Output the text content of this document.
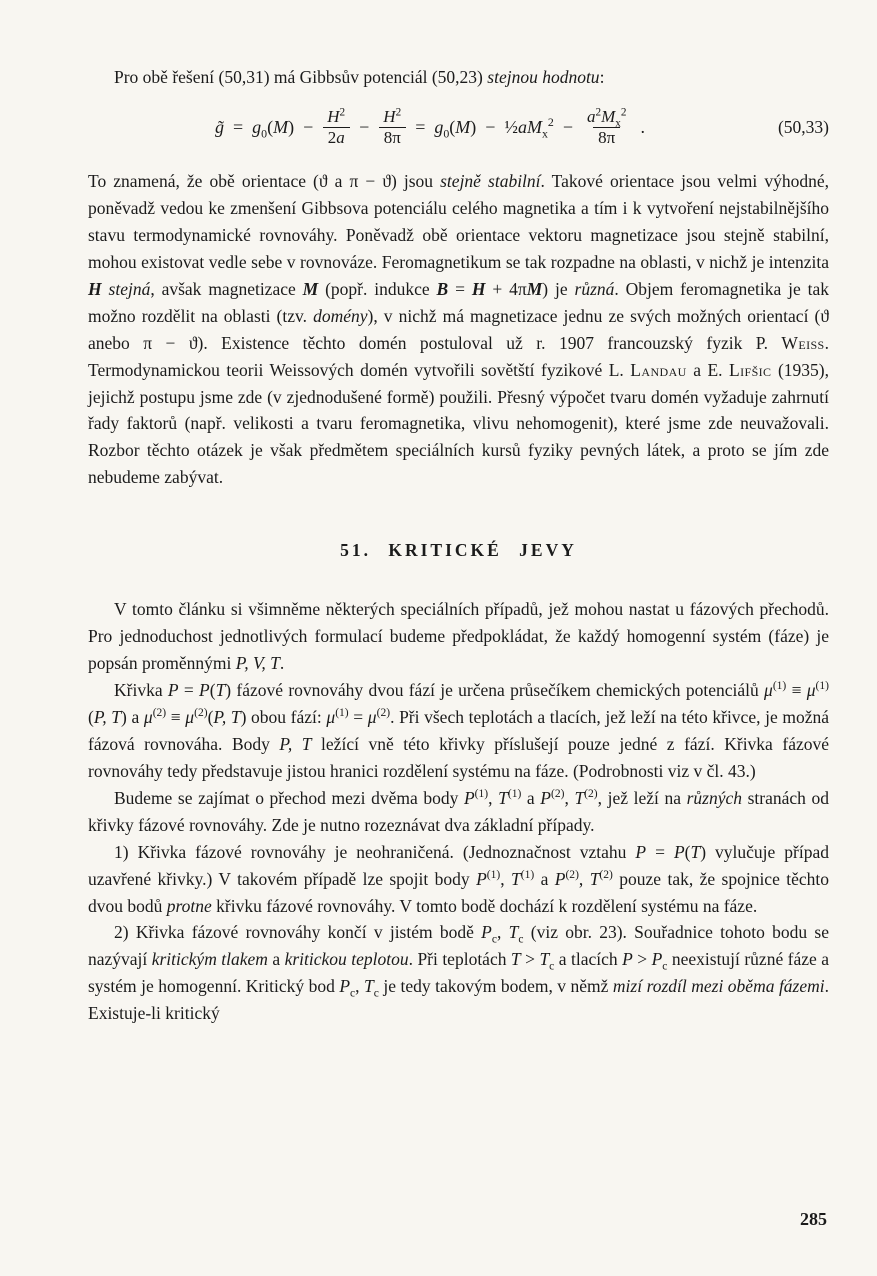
Pro obě řešení (50,31) má Gibbsův potenciál (50,23) stejnou hodnotu:

g̃ = $g_0(M) - \frac{H^2}{2a} - \frac{H^2}{8\pi} = g_0(M)$ − $\frac{1}{2}aM_x^2 - \frac{a^2M_x^2}{8\pi}$ .	(50,33)

To znamená, že obě orientace (ϑ a π − ϑ) jsou stejně stabilní. Takové orientace jsou velmi výhodné, poněvadž vedou ke zmenšení Gibbsova potenciálu celého magnetika a tím i k vytvoření nejstabilnějšího stavu termodynamické rovnováhy. Poněvadž obě orientace vektoru magnetizace jsou stejně stabilní, mohou existovat vedle sebe v rovnováze. Feromagnetikum se tak rozpadne na oblasti, v nichž je intenzita H stejná, avšak magnetizace M (popř. indukce B = H + 4πM) je různá. Objem feromagnetika je tak možno rozdělit na oblasti (tzv. domény), v nichž má magnetizace jednu ze svých možných orientací (ϑ anebo π − ϑ). Existence těchto domén postuloval už r. 1907 francouzský fyzik P. Weiss. Termodynamickou teorii Weissových domén vytvořili sovětští fyzikové L. Landau a E. Lifšic (1935), jejichž postupu jsme zde (v zjednodušené formě) použili. Přesný výpočet tvaru domén vyžaduje zahrnutí řady faktorů (např. velikosti a tvaru feromagnetika, vlivu nehomogenit), které jsme zde neuvažovali. Rozbor těchto otázek je však předmětem speciálních kursů fyziky pevných látek, a proto se jím zde nebudeme zabývat.

51. KRITICKÉ JEVY

V tomto článku si všimněme některých speciálních případů, jež mohou nastat u fázových přechodů. Pro jednoduchost jednotlivých formulací budeme předpokládat, že každý homogenní systém (fáze) je popsán proměnnými P, V, T.

Křivka P = P(T) fázové rovnováhy dvou fází je určena průsečíkem chemických potenciálů $\mu^{(1)} \equiv \mu^{(1)}(P$, T) a $\mu^{(2)} \equiv \mu^{(2)}(P$, T) obou fází: $\mu^{(1)} = \mu^{(2)}$. Při všech teplotách a tlacích, jež leží na této křivce, je možná fázová rovnováha. Body P, T ležící vně této křivky příslušejí pouze jedné z fází. Křivka fázové rovnováhy tedy představuje jistou hranici rozdělení systému na fáze. (Podrobnosti viz v čl. 43.)

Budeme se zajímat o přechod mezi dvěma body $P^{(1)}$, $T^{(1)}$ a $P^{(2)}$, $T^{(2)}$, jež leží na různých stranách od křivky fázové rovnováhy. Zde je nutno rozeznávat dva základní případy.

1) Křivka fázové rovnováhy je neohraničená. (Jednoznačnost vztahu P = P(T) vylučuje případ uzavřené křivky.) V takovém případě lze spojit body $P^{(1)}$, $T^{(1)}$ a $P^{(2)}$, $T^{(2)}$ pouze tak, že spojnice těchto dvou bodů protne křivku fázové rovnováhy. V tomto bodě dochází k rozdělení systému na fáze.

2) Křivka fázové rovnováhy končí v jistém bodě $P_c$, $T_c$ (viz obr. 23). Souřadnice tohoto bodu se nazývají kritickým tlakem a kritickou teplotou. Při teplotách $T > T_c$ a tlacích $P > P_c$ neexistují různé fáze a systém je homogenní. Kritický bod $P_c$, $T_c$ je tedy takovým bodem, v němž mizí rozdíl mezi oběma fázemi. Existuje-li kritický

285
